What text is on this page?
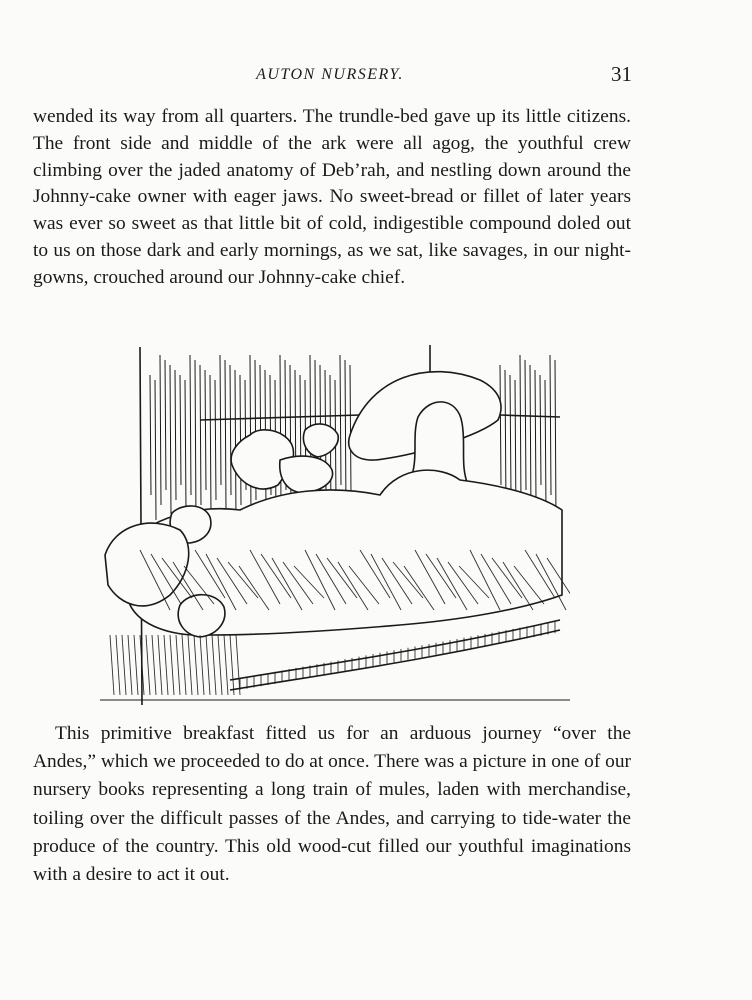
AUTON NURSERY.	31

wended its way from all quarters. The trundle-bed gave up its little citizens. The front side and middle of the ark were all agog, the youthful crew climbing over the jaded anatomy of Deb’rah, and nestling down around the Johnny-cake owner with eager jaws. No sweet-bread or fillet of later years was ever so sweet as that little bit of cold, indigestible compound doled out to us on those dark and early mornings, as we sat, like savages, in our night-gowns, crouched around our Johnny-cake chief.

This primitive breakfast fitted us for an arduous journey “over the Andes,” which we proceeded to do at once. There was a picture in one of our nursery books representing a long train of mules, laden with merchandise, toiling over the difficult passes of the Andes, and carrying to tide-water the produce of the country. This old wood-cut filled our youthful imaginations with a desire to act it out.
